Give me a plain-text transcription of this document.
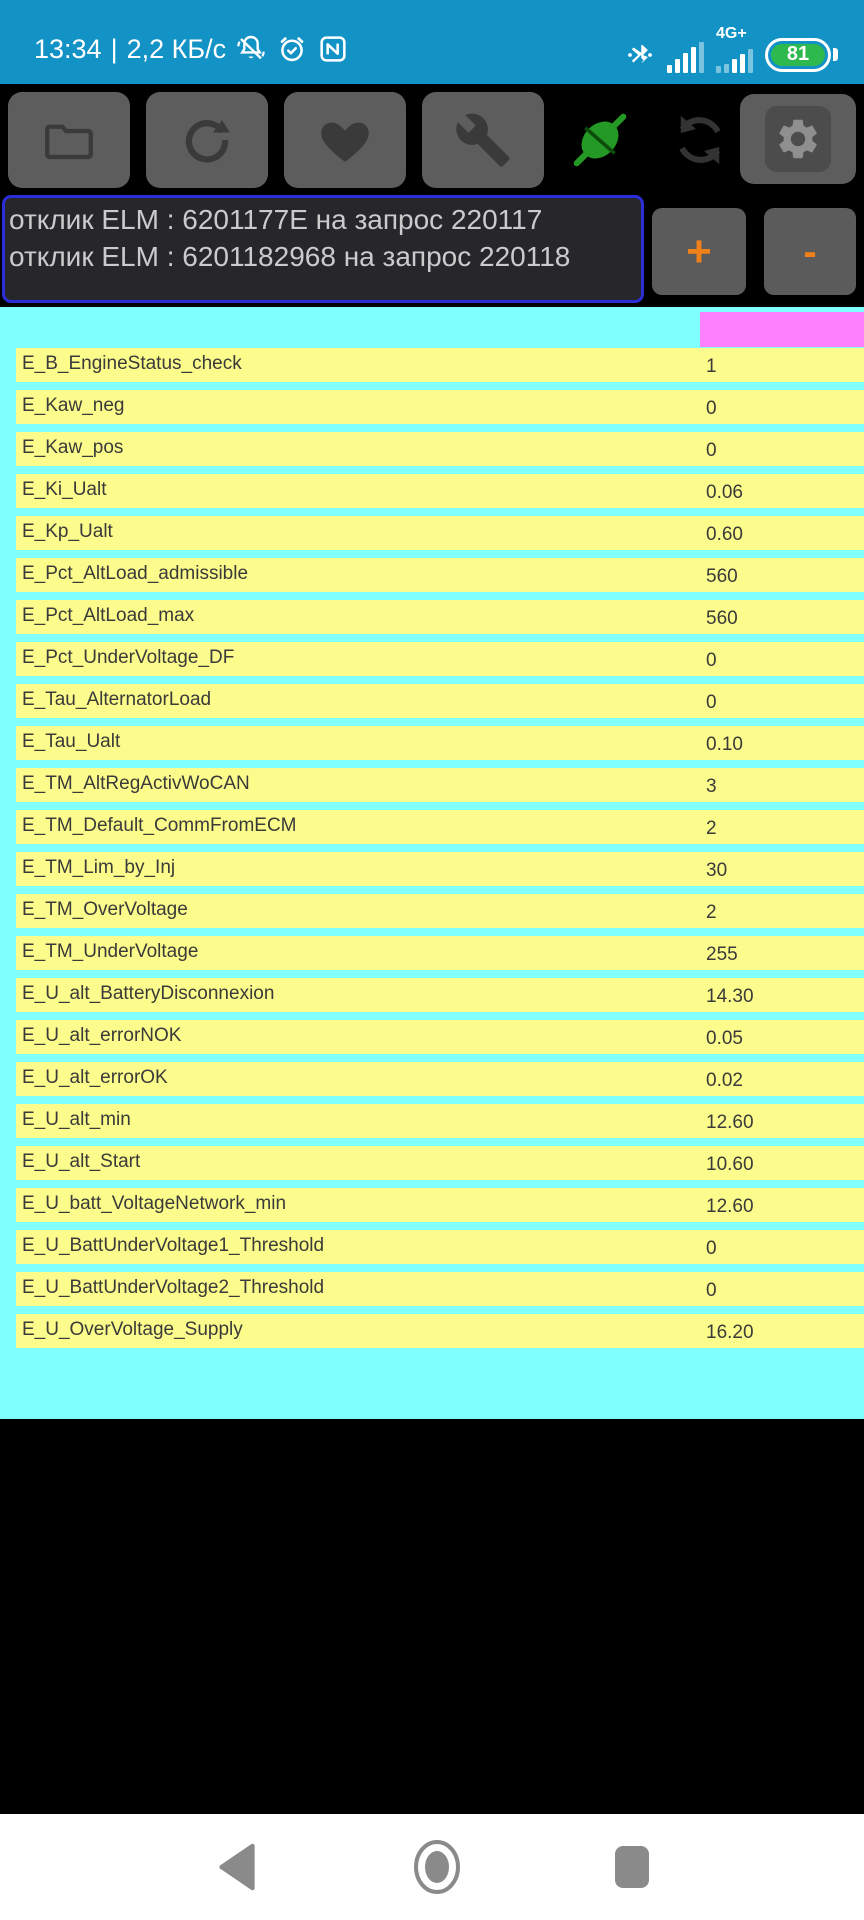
13:34 | 2,2 КБ/с
4G+
81
отклик ELM : 6201177E на запрос 220117
отклик ELM : 6201182968 на запрос 220118	+ -
E_B_EngineStatus_check	1
E_Kaw_neg	0
E_Kaw_pos	0
E_Ki_Ualt	0.06
E_Kp_Ualt	0.60
E_Pct_AltLoad_admissible	560
E_Pct_AltLoad_max	560
E_Pct_UnderVoltage_DF	0
E_Tau_AlternatorLoad	0
E_Tau_Ualt	0.10
E_TM_AltRegActivWoCAN	3
E_TM_Default_CommFromECM	2
E_TM_Lim_by_Inj	30
E_TM_OverVoltage	2
E_TM_UnderVoltage	255
E_U_alt_BatteryDisconnexion	14.30
E_U_alt_errorNOK	0.05
E_U_alt_errorOK	0.02
E_U_alt_min	12.60
E_U_alt_Start	10.60
E_U_batt_VoltageNetwork_min	12.60
E_U_BattUnderVoltage1_Threshold	0
E_U_BattUnderVoltage2_Threshold	0
E_U_OverVoltage_Supply	16.20
